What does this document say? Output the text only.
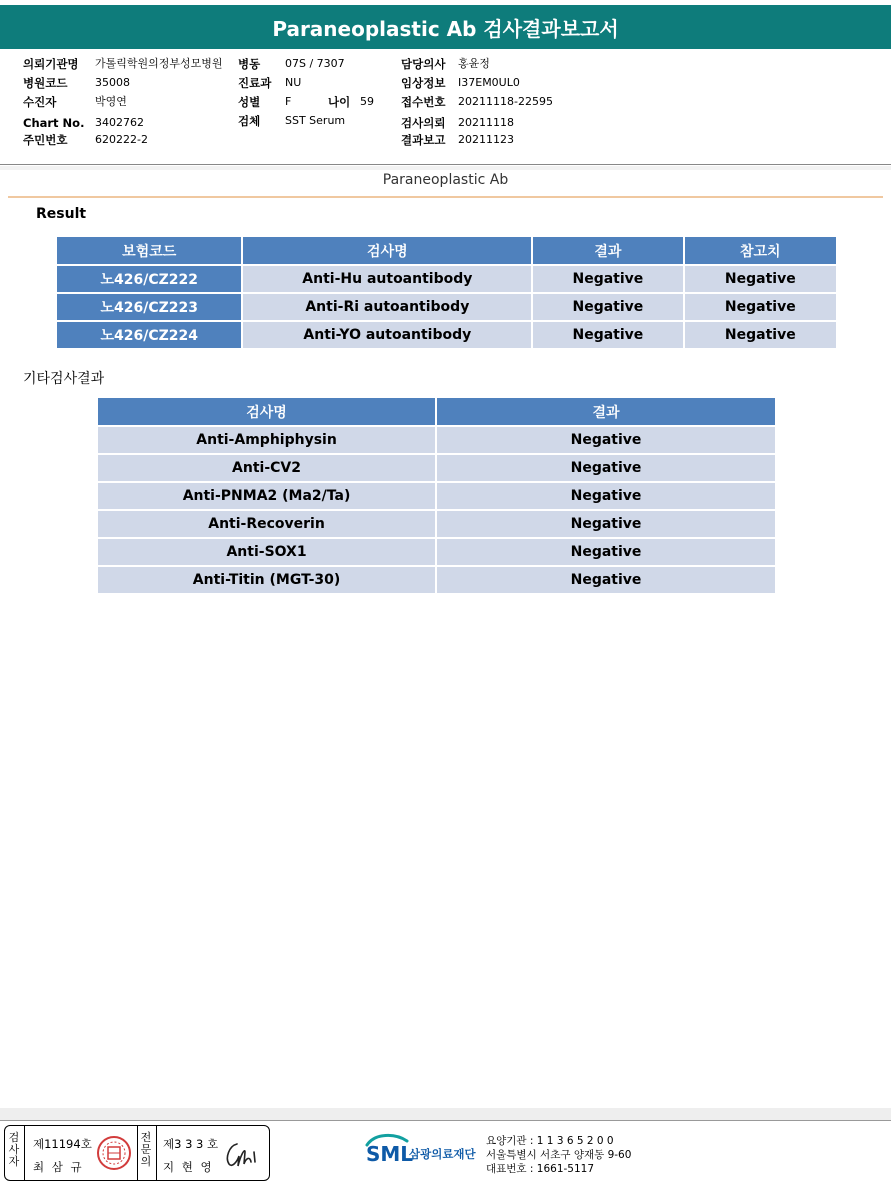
Paraneoplastic Ab 검사결과보고서
의뢰기관명 가톨릭학원의정부성모병원
병원코드	35008
수진자	박영연
Chart No. 3402762
주민번호	620222-2
병동 07S / 7307
진료과 NU
성별 F	나이 59
검체 SST Serum
담당의사 홍윤정
임상정보 I37EM0UL0
접수번호 20211118-22595
검사의뢰 20211118
결과보고 20211123
Paraneoplastic Ab
Result
보험코드	검사명	결과	참고치
노426/CZ222	Anti-Hu autoantibody	Negative	Negative
노426/CZ223	Anti-Ri autoantibody	Negative	Negative
노426/CZ224	Anti-YO autoantibody	Negative	Negative
기타검사결과
검사명	결과
Anti-Amphiphysin	Negative
Anti-CV2	Negative
Anti-PNMA2 (Ma2/Ta)	Negative
Anti-Recoverin	Negative
Anti-SOX1	Negative
Anti-Titin (MGT-30)	Negative
검사자
제11194호
최 삼 규
전문의
제3 3 3 호
지 현 영
SML
삼광의료재단
요양기관 : 1 1 3 6 5 2 0 0
서울특별시 서초구 양재동 9-60
대표번호 : 1661-5117
